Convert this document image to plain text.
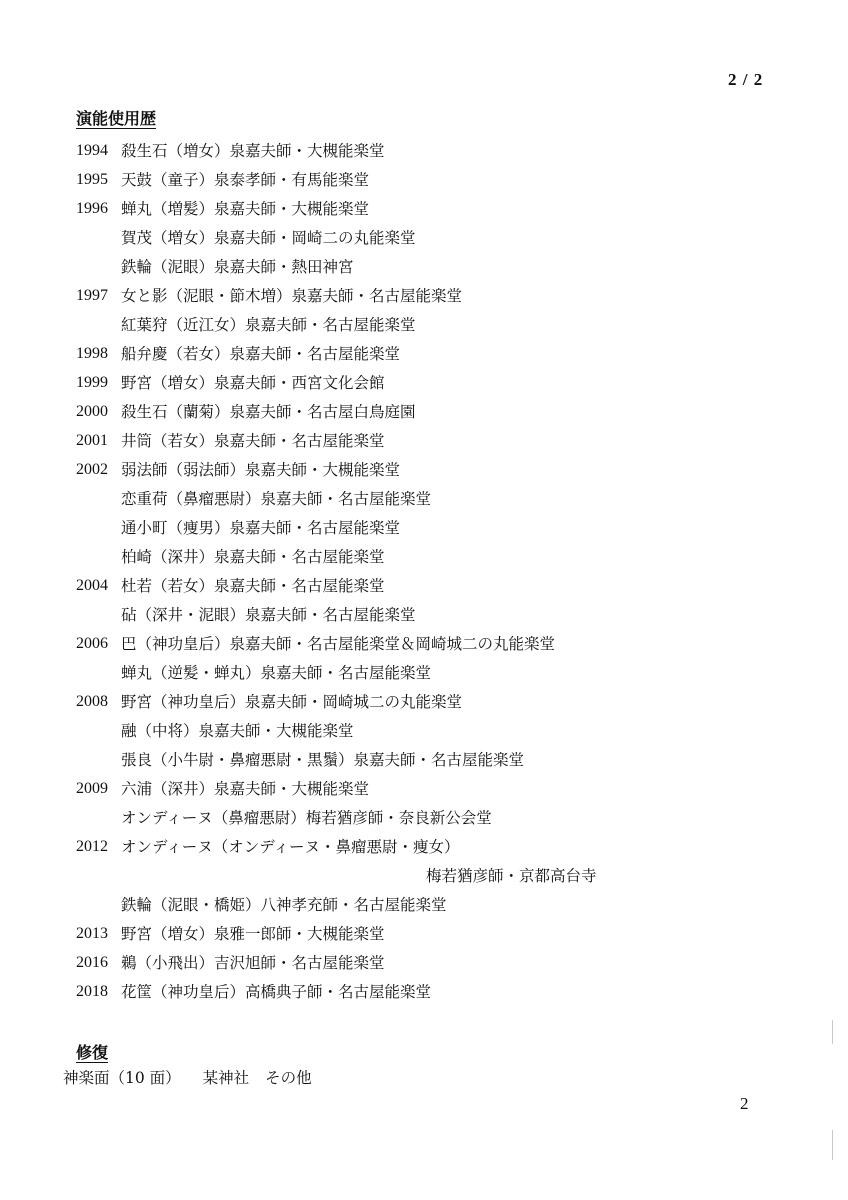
2 / 2
演能使用歴
1994 殺生石（増女）泉嘉夫師・大槻能楽堂
1995 天鼓（童子）泉泰孝師・有馬能楽堂
1996 蝉丸（増髪）泉嘉夫師・大槻能楽堂
賀茂（増女）泉嘉夫師・岡崎二の丸能楽堂
鉄輪（泥眼）泉嘉夫師・熱田神宮
1997 女と影（泥眼・節木増）泉嘉夫師・名古屋能楽堂
紅葉狩（近江女）泉嘉夫師・名古屋能楽堂
1998 船弁慶（若女）泉嘉夫師・名古屋能楽堂
1999 野宮（増女）泉嘉夫師・西宮文化会館
2000 殺生石（蘭菊）泉嘉夫師・名古屋白鳥庭園
2001 井筒（若女）泉嘉夫師・名古屋能楽堂
2002 弱法師（弱法師）泉嘉夫師・大槻能楽堂
恋重荷（鼻瘤悪尉）泉嘉夫師・名古屋能楽堂
通小町（痩男）泉嘉夫師・名古屋能楽堂
柏崎（深井）泉嘉夫師・名古屋能楽堂
2004 杜若（若女）泉嘉夫師・名古屋能楽堂
砧（深井・泥眼）泉嘉夫師・名古屋能楽堂
2006 巴（神功皇后）泉嘉夫師・名古屋能楽堂＆岡崎城二の丸能楽堂
蝉丸（逆髪・蝉丸）泉嘉夫師・名古屋能楽堂
2008 野宮（神功皇后）泉嘉夫師・岡崎城二の丸能楽堂
融（中将）泉嘉夫師・大槻能楽堂
張良（小牛尉・鼻瘤悪尉・黒鬚）泉嘉夫師・名古屋能楽堂
2009 六浦（深井）泉嘉夫師・大槻能楽堂
オンディーヌ（鼻瘤悪尉）梅若猶彦師・奈良新公会堂
2012 オンディーヌ（オンディーヌ・鼻瘤悪尉・痩女）
梅若猶彦師・京都高台寺
鉄輪（泥眼・橋姫）八神孝充師・名古屋能楽堂
2013 野宮（増女）泉雅一郎師・大槻能楽堂
2016 鵜（小飛出）吉沢旭師・名古屋能楽堂
2018 花筐（神功皇后）高橋典子師・名古屋能楽堂
修復
神楽面（10 面） 某神社 その他
2
